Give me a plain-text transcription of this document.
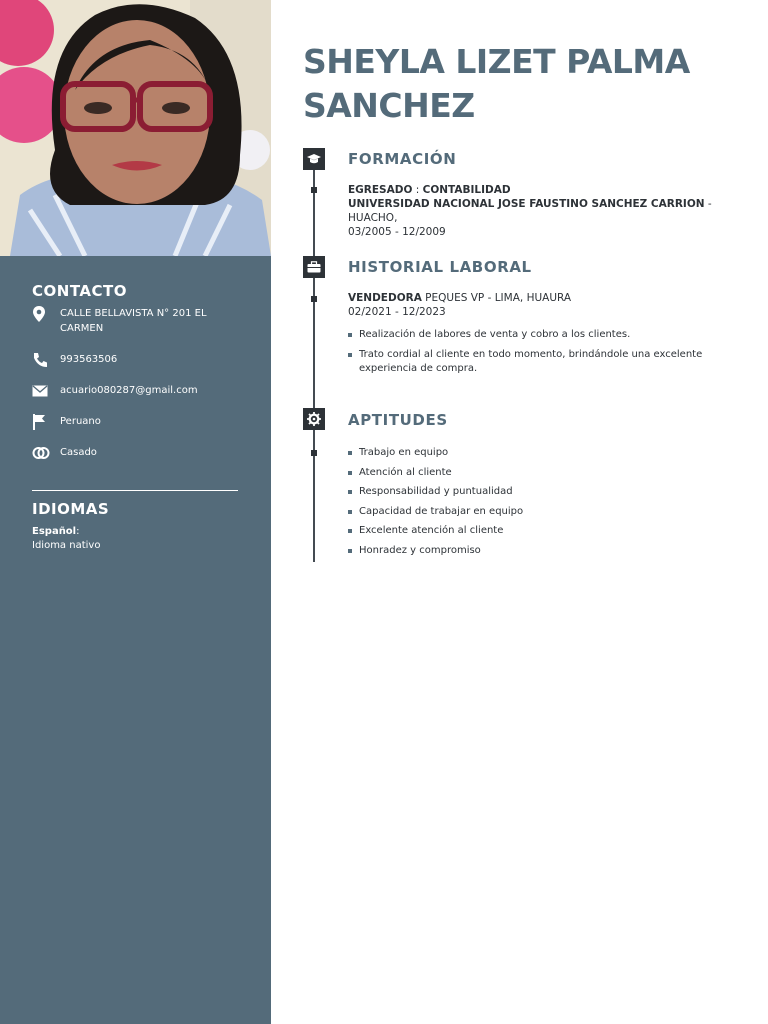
CONTACTO
CALLE BELLAVISTA N° 201 EL CARMEN
993563506
acuario080287@gmail.com
Peruano
Casado
IDIOMAS
Español:
Idioma nativo
SHEYLA LIZET PALMA SANCHEZ
FORMACIÓN
EGRESADO : CONTABILIDAD
UNIVERSIDAD NACIONAL JOSE FAUSTINO SANCHEZ CARRION - HUACHO,
03/2005 - 12/2009
HISTORIAL LABORAL
VENDEDORA PEQUES VP - LIMA, HUAURA
02/2021 - 12/2023
Realización de labores de venta y cobro a los clientes.
Trato cordial al cliente en todo momento, brindándole una excelente experiencia de compra.
APTITUDES
Trabajo en equipo
Atención al cliente
Responsabilidad y puntualidad
Capacidad de trabajar en equipo
Excelente atención al cliente
Honradez y compromiso
